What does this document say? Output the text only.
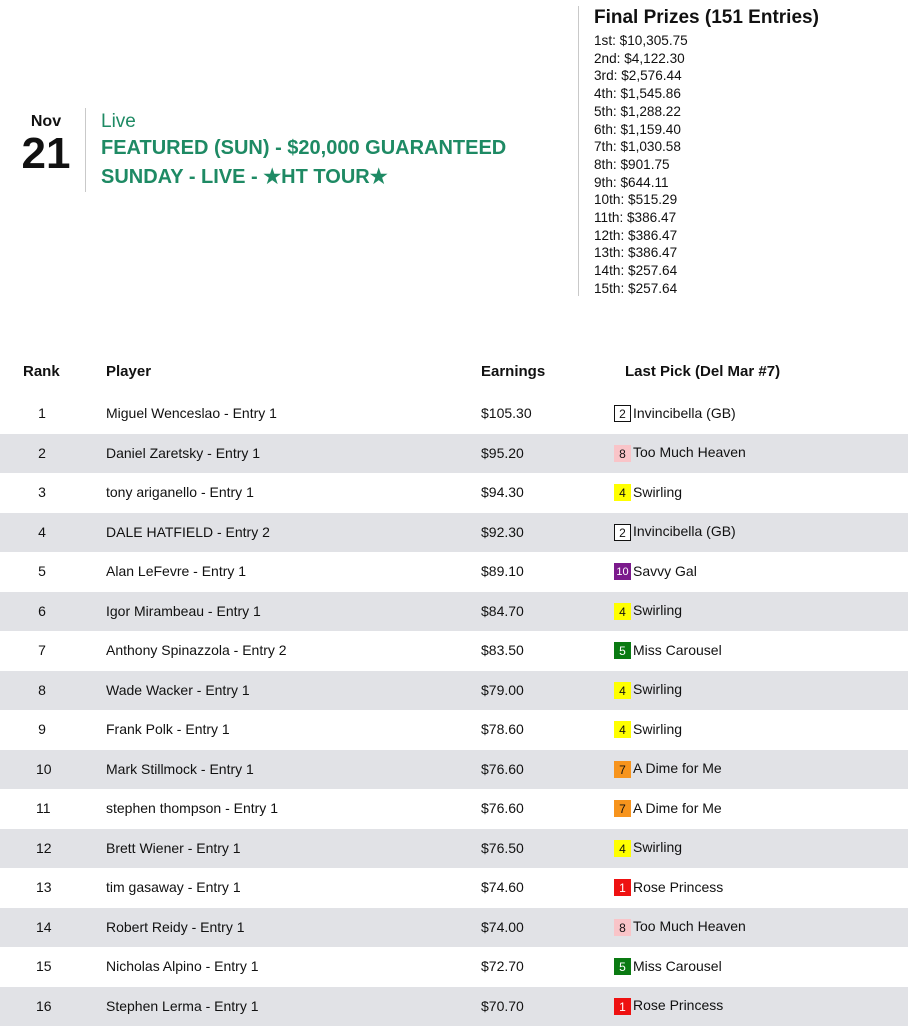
Nov
21
Live
FEATURED (SUN) - $20,000 GUARANTEED SUNDAY - LIVE - ★HT TOUR★
Final Prizes (151 Entries)
1st: $10,305.75
2nd: $4,122.30
3rd: $2,576.44
4th: $1,545.86
5th: $1,288.22
6th: $1,159.40
7th: $1,030.58
8th: $901.75
9th: $644.11
10th: $515.29
11th: $386.47
12th: $386.47
13th: $386.47
14th: $257.64
15th: $257.64
Rank	Player	Earnings	Last Pick (Del Mar #7)
1	Miguel Wenceslao - Entry 1	$105.30	2 Invincibella (GB)
2	Daniel Zaretsky - Entry 1	$95.20	8 Too Much Heaven
3	tony ariganello - Entry 1	$94.30	4 Swirling
4	DALE HATFIELD - Entry 2	$92.30	2 Invincibella (GB)
5	Alan LeFevre - Entry 1	$89.10	10 Savvy Gal
6	Igor Mirambeau - Entry 1	$84.70	4 Swirling
7	Anthony Spinazzola - Entry 2	$83.50	5 Miss Carousel
8	Wade Wacker - Entry 1	$79.00	4 Swirling
9	Frank Polk - Entry 1	$78.60	4 Swirling
10	Mark Stillmock - Entry 1	$76.60	7 A Dime for Me
11	stephen thompson - Entry 1	$76.60	7 A Dime for Me
12	Brett Wiener - Entry 1	$76.50	4 Swirling
13	tim gasaway - Entry 1	$74.60	1 Rose Princess
14	Robert Reidy - Entry 1	$74.00	8 Too Much Heaven
15	Nicholas Alpino - Entry 1	$72.70	5 Miss Carousel
16	Stephen Lerma - Entry 1	$70.70	1 Rose Princess
